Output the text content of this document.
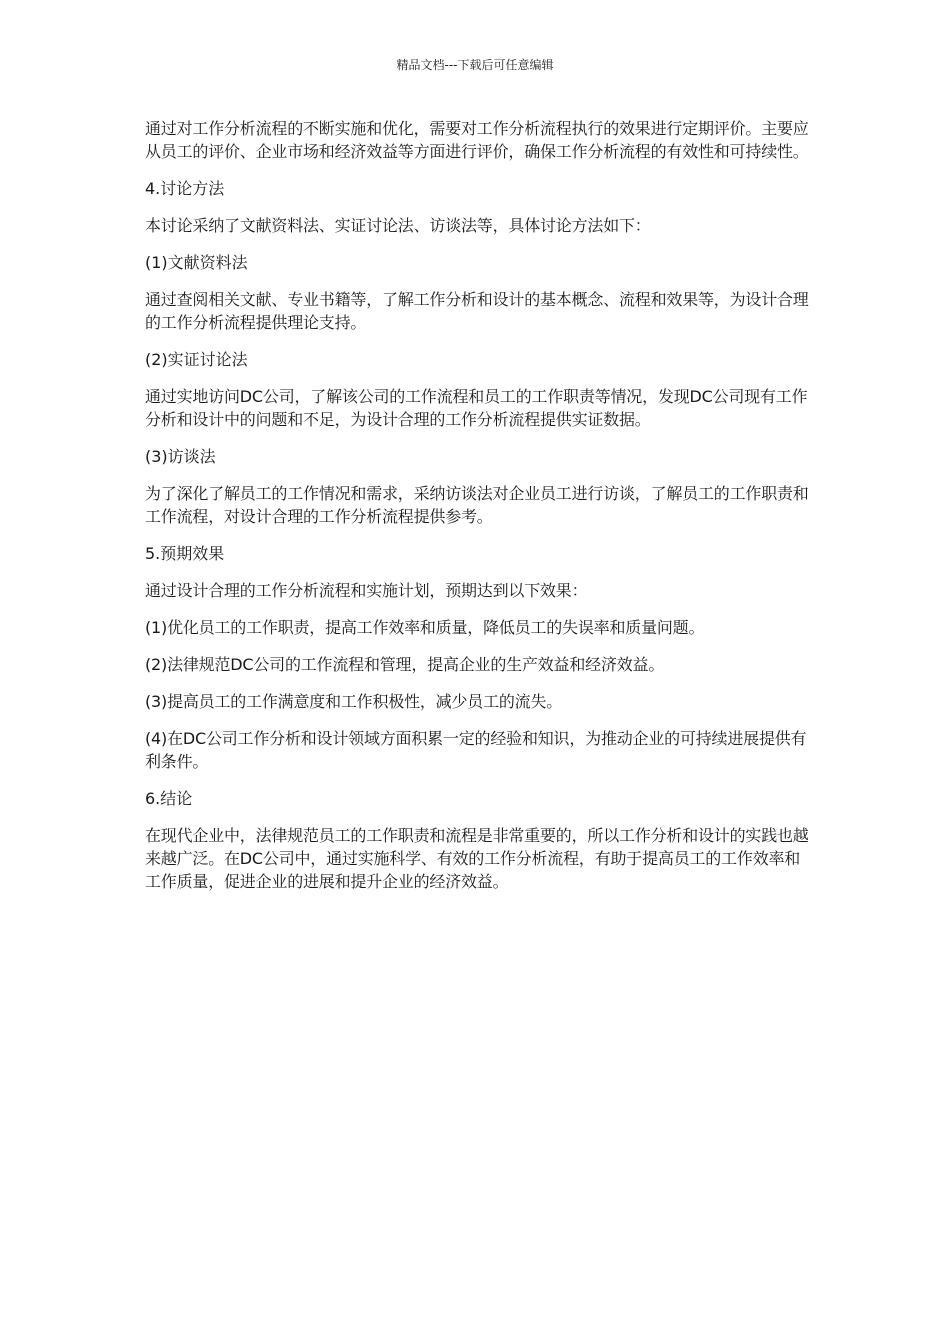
精品文档---下载后可任意编辑

通过对工作分析流程的不断实施和优化，需要对工作分析流程执行的效果进行定期评价。主要应从员工的评价、企业市场和经济效益等方面进行评价，确保工作分析流程的有效性和可持续性。

4.讨论方法

本讨论采纳了文献资料法、实证讨论法、访谈法等，具体讨论方法如下：

(1)文献资料法

通过查阅相关文献、专业书籍等，了解工作分析和设计的基本概念、流程和效果等，为设计合理的工作分析流程提供理论支持。

(2)实证讨论法

通过实地访问DC公司，了解该公司的工作流程和员工的工作职责等情况，发现DC公司现有工作分析和设计中的问题和不足，为设计合理的工作分析流程提供实证数据。

(3)访谈法

为了深化了解员工的工作情况和需求，采纳访谈法对企业员工进行访谈，了解员工的工作职责和工作流程，对设计合理的工作分析流程提供参考。

5.预期效果

通过设计合理的工作分析流程和实施计划，预期达到以下效果：

(1)优化员工的工作职责，提高工作效率和质量，降低员工的失误率和质量问题。

(2)法律规范DC公司的工作流程和管理，提高企业的生产效益和经济效益。

(3)提高员工的工作满意度和工作积极性，减少员工的流失。

(4)在DC公司工作分析和设计领域方面积累一定的经验和知识，为推动企业的可持续进展提供有利条件。

6.结论

在现代企业中，法律规范员工的工作职责和流程是非常重要的，所以工作分析和设计的实践也越来越广泛。在DC公司中，通过实施科学、有效的工作分析流程，有助于提高员工的工作效率和工作质量，促进企业的进展和提升企业的经济效益。
